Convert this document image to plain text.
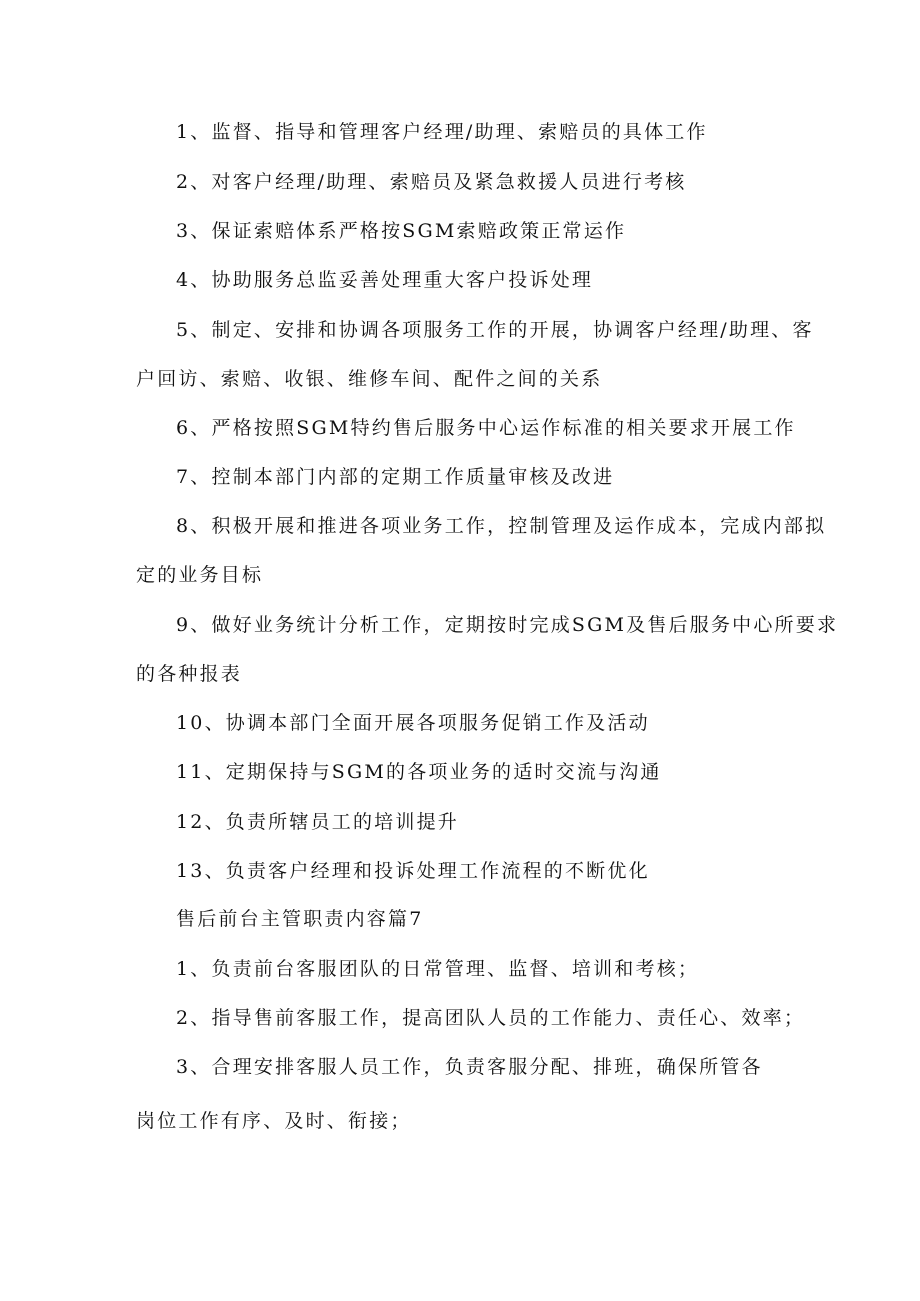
1、监督、指导和管理客户经理/助理、索赔员的具体工作

2、对客户经理/助理、索赔员及紧急救援人员进行考核

3、保证索赔体系严格按SGM索赔政策正常运作

4、协助服务总监妥善处理重大客户投诉处理

5、制定、安排和协调各项服务工作的开展，协调客户经理/助理、客

户回访、索赔、收银、维修车间、配件之间的关系

6、严格按照SGM特约售后服务中心运作标准的相关要求开展工作

7、控制本部门内部的定期工作质量审核及改进

8、积极开展和推进各项业务工作，控制管理及运作成本，完成内部拟

定的业务目标

9、做好业务统计分析工作，定期按时完成SGM及售后服务中心所要求

的各种报表

10、协调本部门全面开展各项服务促销工作及活动

11、定期保持与SGM的各项业务的适时交流与沟通

12、负责所辖员工的培训提升

13、负责客户经理和投诉处理工作流程的不断优化

售后前台主管职责内容篇7

1、负责前台客服团队的日常管理、监督、培训和考核；

2、指导售前客服工作，提高团队人员的工作能力、责任心、效率；

3、合理安排客服人员工作，负责客服分配、排班，确保所管各

岗位工作有序、及时、衔接；
